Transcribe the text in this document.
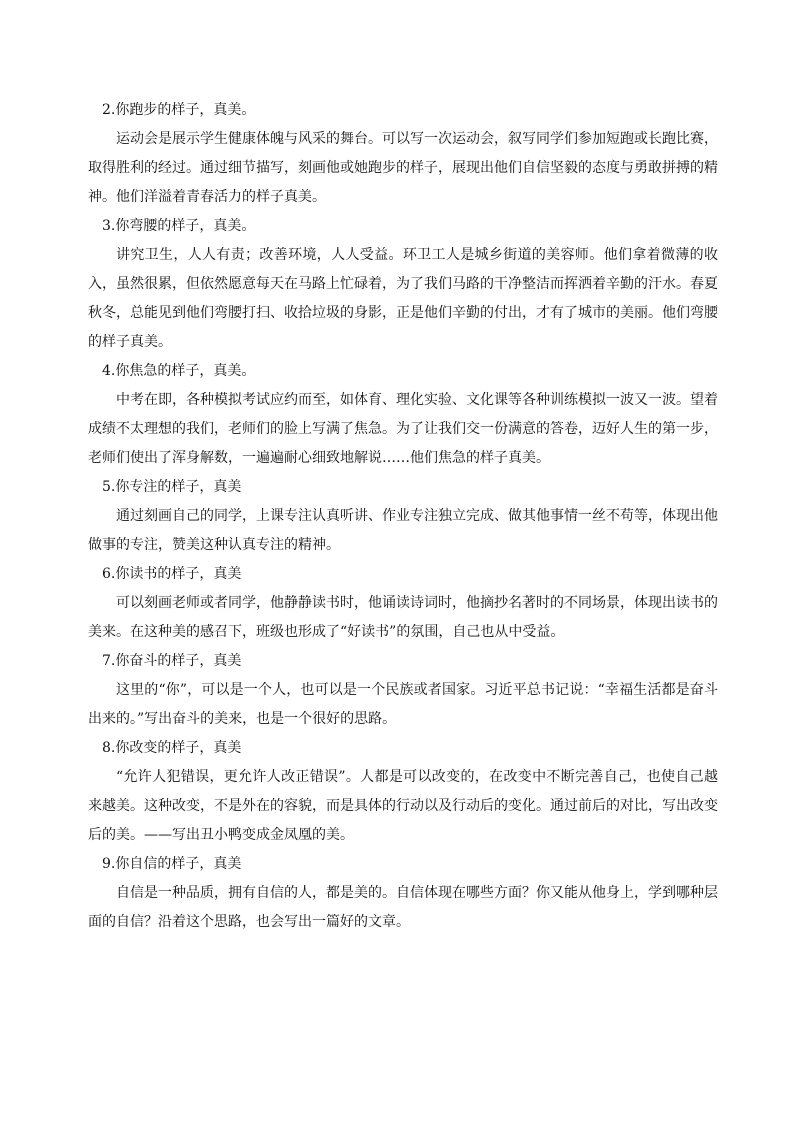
2.你跑步的样子，真美。

运动会是展示学生健康体魄与风采的舞台。可以写一次运动会，叙写同学们参加短跑或长跑比赛，取得胜利的经过。通过细节描写，刻画他或她跑步的样子，展现出他们自信坚毅的态度与勇敢拼搏的精神。他们洋溢着青春活力的样子真美。

3.你弯腰的样子，真美。

讲究卫生，人人有责；改善环境，人人受益。环卫工人是城乡街道的美容师。他们拿着微薄的收入，虽然很累，但依然愿意每天在马路上忙碌着，为了我们马路的干净整洁而挥洒着辛勤的汗水。春夏秋冬，总能见到他们弯腰打扫、收拾垃圾的身影，正是他们辛勤的付出，才有了城市的美丽。他们弯腰的样子真美。

4.你焦急的样子，真美。

中考在即，各种模拟考试应约而至，如体育、理化实验、文化课等各种训练模拟一波又一波。望着成绩不太理想的我们，老师们的脸上写满了焦急。为了让我们交一份满意的答卷，迈好人生的第一步，老师们使出了浑身解数，一遍遍耐心细致地解说……他们焦急的样子真美。

5.你专注的样子，真美

通过刻画自己的同学，上课专注认真听讲、作业专注独立完成、做其他事情一丝不苟等，体现出他做事的专注，赞美这种认真专注的精神。

6.你读书的样子，真美

可以刻画老师或者同学，他静静读书时，他诵读诗词时，他摘抄名著时的不同场景，体现出读书的美来。在这种美的感召下，班级也形成了“好读书”的氛围，自己也从中受益。

7.你奋斗的样子，真美

这里的“你”，可以是一个人，也可以是一个民族或者国家。习近平总书记说：“幸福生活都是奋斗出来的。”写出奋斗的美来，也是一个很好的思路。

8.你改变的样子，真美

“允许人犯错误，更允许人改正错误”。人都是可以改变的，在改变中不断完善自己，也使自己越来越美。这种改变，不是外在的容貌，而是具体的行动以及行动后的变化。通过前后的对比，写出改变后的美。——写出丑小鸭变成金凤凰的美。

9.你自信的样子，真美

自信是一种品质，拥有自信的人，都是美的。自信体现在哪些方面？你又能从他身上，学到哪种层面的自信？沿着这个思路，也会写出一篇好的文章。
